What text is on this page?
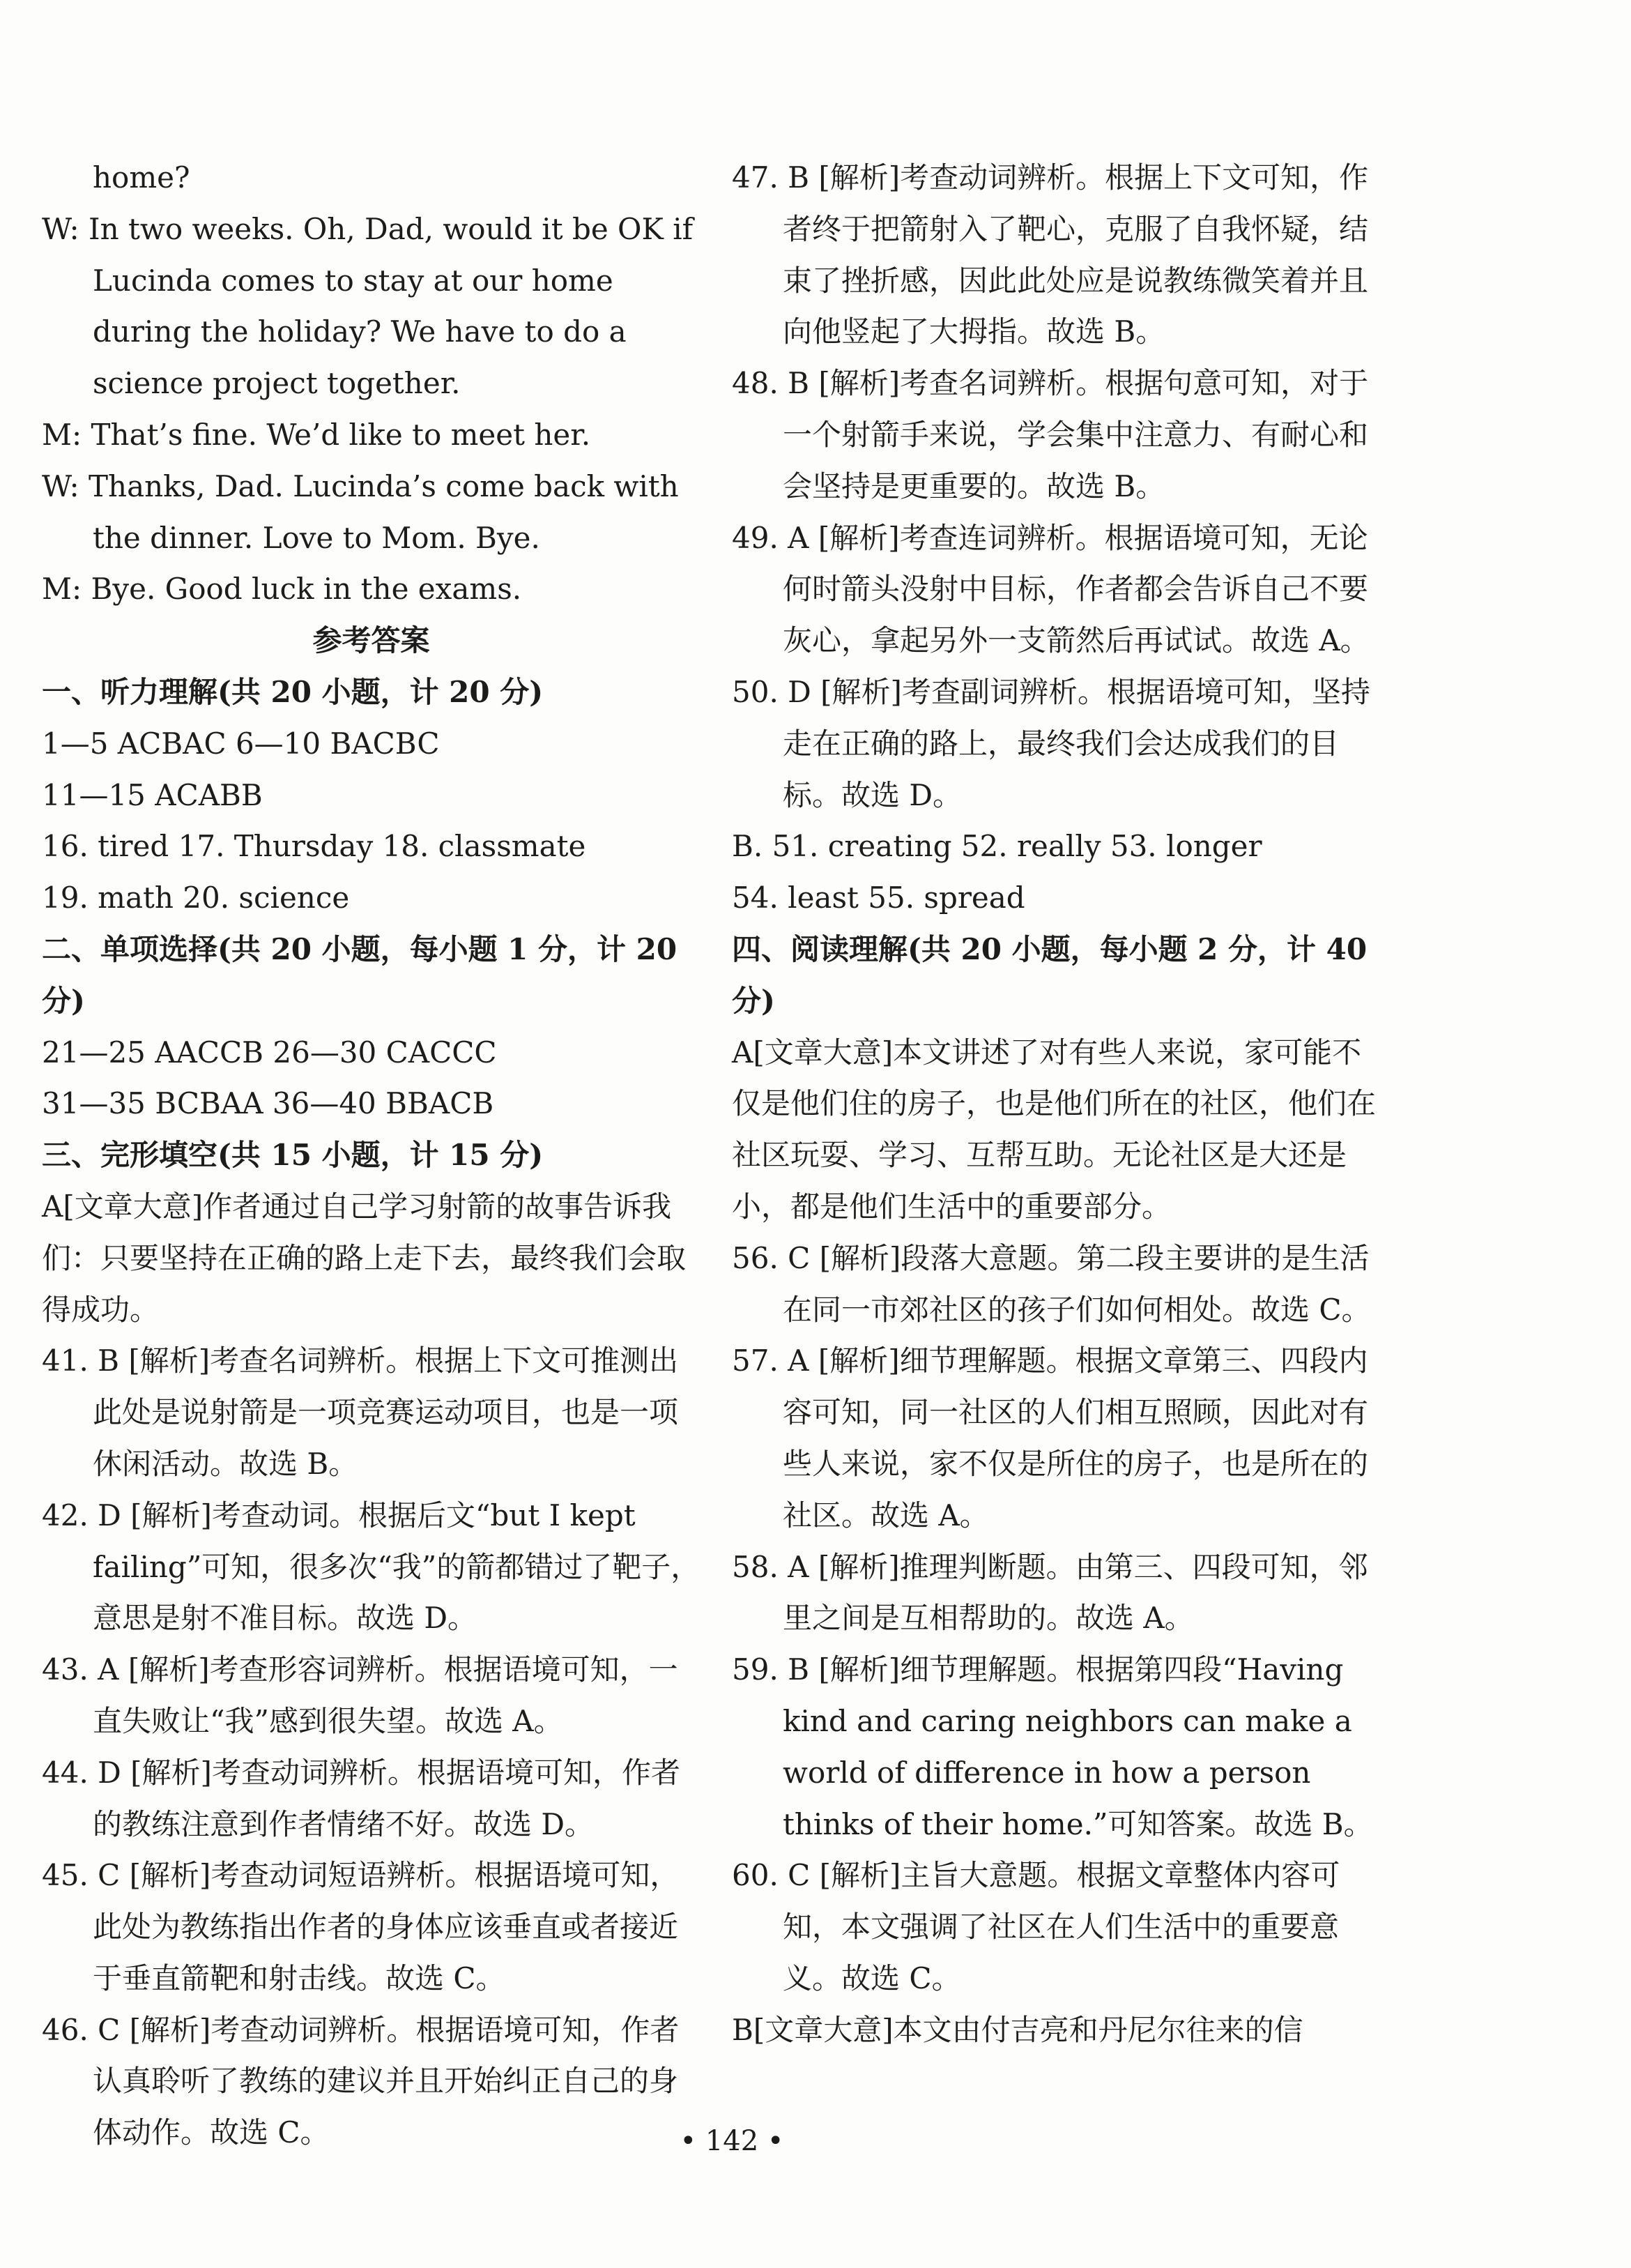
home?

W: In two weeks. Oh, Dad, would it be OK if Lucinda comes to stay at our home during the holiday? We have to do a science project together.

M: That’s fine. We’d like to meet her.

W: Thanks, Dad. Lucinda’s come back with the dinner. Love to Mom. Bye.

M: Bye. Good luck in the exams.

参考答案

一、听力理解(共 20 小题，计 20 分)

1—5 ACBAC 6—10 BACBC

11—15 ACABB

16. tired 17. Thursday 18. classmate

19. math 20. science

二、单项选择(共 20 小题，每小题 1 分，计 20 分)

21—25 AACCB 26—30 CACCC

31—35 BCBAA 36—40 BBACB

三、完形填空(共 15 小题，计 15 分)

A[文章大意]作者通过自己学习射箭的故事告诉我们：只要坚持在正确的路上走下去，最终我们会取得成功。

41. B [解析]考查名词辨析。根据上下文可推测出此处是说射箭是一项竞赛运动项目，也是一项休闲活动。故选 B。

42. D [解析]考查动词。根据后文“but I kept failing”可知，很多次“我”的箭都错过了靶子，意思是射不准目标。故选 D。

43. A [解析]考查形容词辨析。根据语境可知，一直失败让“我”感到很失望。故选 A。

44. D [解析]考查动词辨析。根据语境可知，作者的教练注意到作者情绪不好。故选 D。

45. C [解析]考查动词短语辨析。根据语境可知，此处为教练指出作者的身体应该垂直或者接近于垂直箭靶和射击线。故选 C。

46. C [解析]考查动词辨析。根据语境可知，作者认真聆听了教练的建议并且开始纠正自己的身体动作。故选 C。

47. B [解析]考查动词辨析。根据上下文可知，作者终于把箭射入了靶心，克服了自我怀疑，结束了挫折感，因此此处应是说教练微笑着并且向他竖起了大拇指。故选 B。

48. B [解析]考查名词辨析。根据句意可知，对于一个射箭手来说，学会集中注意力、有耐心和会坚持是更重要的。故选 B。

49. A [解析]考查连词辨析。根据语境可知，无论何时箭头没射中目标，作者都会告诉自己不要灰心，拿起另外一支箭然后再试试。故选 A。

50. D [解析]考查副词辨析。根据语境可知，坚持走在正确的路上，最终我们会达成我们的目标。故选 D。

B. 51. creating 52. really 53. longer

54. least 55. spread

四、阅读理解(共 20 小题，每小题 2 分，计 40 分)

A[文章大意]本文讲述了对有些人来说，家可能不仅是他们住的房子，也是他们所在的社区，他们在社区玩耍、学习、互帮互助。无论社区是大还是小，都是他们生活中的重要部分。

56. C [解析]段落大意题。第二段主要讲的是生活在同一市郊社区的孩子们如何相处。故选 C。

57. A [解析]细节理解题。根据文章第三、四段内容可知，同一社区的人们相互照顾，因此对有些人来说，家不仅是所住的房子，也是所在的社区。故选 A。

58. A [解析]推理判断题。由第三、四段可知，邻里之间是互相帮助的。故选 A。

59. B [解析]细节理解题。根据第四段“Having kind and caring neighbors can make a world of difference in how a person thinks of their home.”可知答案。故选 B。

60. C [解析]主旨大意题。根据文章整体内容可知，本文强调了社区在人们生活中的重要意义。故选 C。

B[文章大意]本文由付吉亮和丹尼尔往来的信

• 142 •
